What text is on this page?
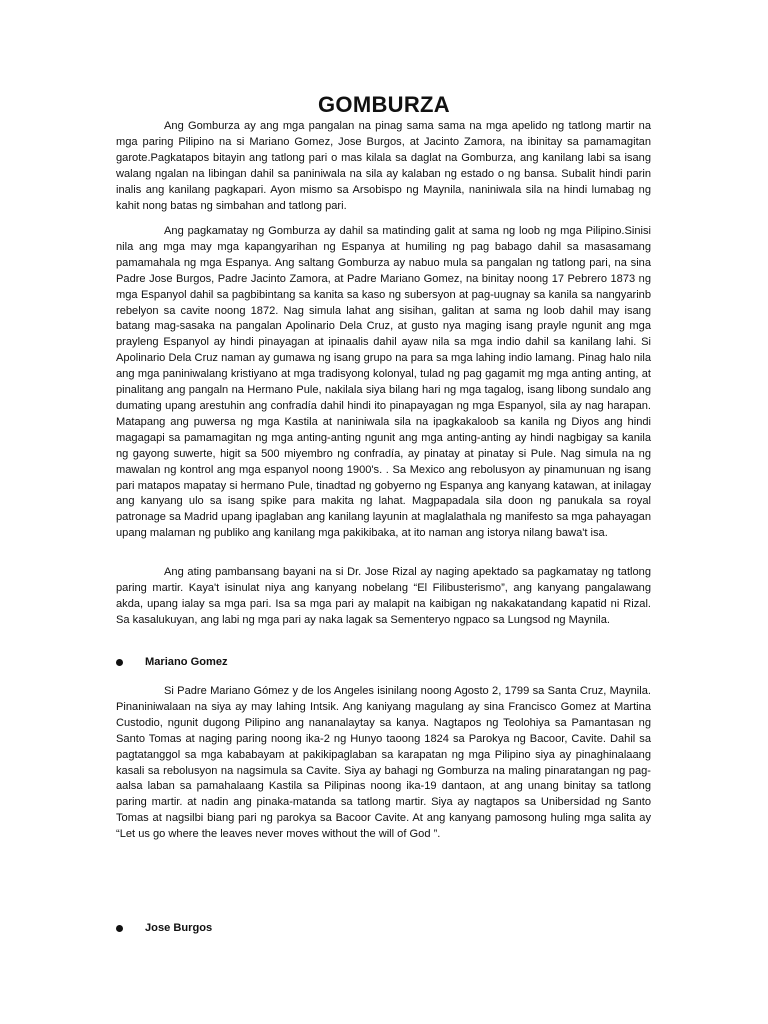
GOMBURZA

Ang Gomburza ay ang mga pangalan na pinag sama sama na mga apelido ng tatlong martir na mga paring Pilipino na si Mariano Gomez, Jose Burgos, at Jacinto Zamora, na ibinitay sa pamamagitan garote.Pagkatapos bitayin ang tatlong pari o mas kilala sa daglat na Gomburza, ang kanilang labi sa isang walang ngalan na libingan dahil sa paniniwala na sila ay kalaban ng estado o ng bansa. Subalit hindi parin inalis ang kanilang pagkapari. Ayon mismo sa Arsobispo ng Maynila, naniniwala sila na hindi lumabag ng kahit nong batas ng simbahan and tatlong pari.

Ang pagkamatay ng Gomburza ay dahil sa matinding galit at sama ng loob ng mga Pilipino.Sinisi nila ang mga may mga kapangyarihan ng Espanya at humiling ng pag babago dahil sa masasamang pamamahala ng mga Espanya. Ang saltang Gomburza ay nabuo mula sa pangalan ng tatlong pari, na sina Padre Jose Burgos, Padre Jacinto Zamora, at Padre Mariano Gomez, na binitay noong 17 Pebrero 1873 ng mga Espanyol dahil sa pagbibintang sa kanita sa kaso ng subersyon at pag-uugnay sa kanila sa nangyarinb rebelyon sa cavite noong 1872. Nag simula lahat ang sisihan, galitan at sama ng loob dahil may isang batang mag-sasaka na pangalan Apolinario Dela Cruz, at gusto nya maging isang prayle ngunit ang mga prayleng Espanyol ay hindi pinayagan at ipinaalis dahil ayaw nila sa mga indio dahil sa kanilang lahi. Si Apolinario Dela Cruz naman ay gumawa ng isang grupo na para sa mga lahing indio lamang. Pinag halo nila ang mga paniniwalang kristiyano at mga tradisyong kolonyal, tulad ng pag gagamit mg mga anting anting, at pinalitang ang pangaln na Hermano Pule, nakilala siya bilang hari ng mga tagalog, isang libong sundalo ang dumating upang arestuhin ang confradía dahil hindi ito pinapayagan ng mga Espanyol, sila ay nag harapan. Matapang ang puwersa ng mga Kastila at naniniwala sila na ipagkakaloob sa kanila ng Diyos ang hindi magagapi sa pamamagitan ng mga anting-anting ngunit ang mga anting-anting ay hindi nagbigay sa kanila ng gayong suwerte, higit sa 500 miyembro ng confradía, ay pinatay at pinatay si Pule. Nag simula na ng mawalan ng kontrol ang mga espanyol noong 1900's. . Sa Mexico ang rebolusyon ay pinamunuan ng isang pari matapos mapatay si hermano Pule, tinadtad ng gobyerno ng Espanya ang kanyang katawan, at inilagay ang kanyang ulo sa isang spike para makita ng lahat. Magpapadala sila doon ng panukala sa royal patronage sa Madrid upang ipaglaban ang kanilang layunin at maglalathala ng manifesto sa mga pahayagan upang malaman ng publiko ang kanilang mga pakikibaka, at ito naman ang istorya nilang bawa't isa.

Ang ating pambansang bayani na si Dr. Jose Rizal ay naging apektado sa pagkamatay ng tatlong paring martir. Kaya't isinulat niya ang kanyang nobelang “El Filibusterismo”, ang kanyang pangalawang akda, upang ialay sa mga pari. Isa sa mga pari ay malapit na kaibigan ng nakakatandang kapatid ni Rizal. Sa kasalukuyan, ang labi ng mga pari ay naka lagak sa Sementeryo ngpaco sa Lungsod ng Maynila.

Mariano Gomez

Si Padre Mariano Gómez y de los Angeles isinilang noong Agosto 2, 1799 sa Santa Cruz, Maynila. Pinaniniwalaan na siya ay may lahing Intsik. Ang kaniyang magulang ay sina Francisco Gomez at Martina Custodio, ngunit dugong Pilipino ang nananalaytay sa kanya. Nagtapos ng Teolohiya sa Pamantasan ng Santo Tomas at naging paring noong ika-2 ng Hunyo taoong 1824 sa Parokya ng Bacoor, Cavite. Dahil sa pagtatanggol sa mga kababayam at pakikipaglaban sa karapatan ng mga Pilipino siya ay pinaghinalaang kasali sa rebolusyon na nagsimula sa Cavite. Siya ay bahagi ng Gomburza na maling pinaratangan ng pag-aalsa laban sa pamahalaang Kastila sa Pilipinas noong ika-19 dantaon, at ang unang binitay sa tatlong paring martir. at nadin ang pinaka-matanda sa tatlong martir. Siya ay nagtapos sa Unibersidad ng Santo Tomas at nagsilbi biang pari ng parokya sa Bacoor Cavite. At ang kanyang pamosong huling mga salita ay “Let us go where the leaves never moves without the will of God ”.

Jose Burgos
